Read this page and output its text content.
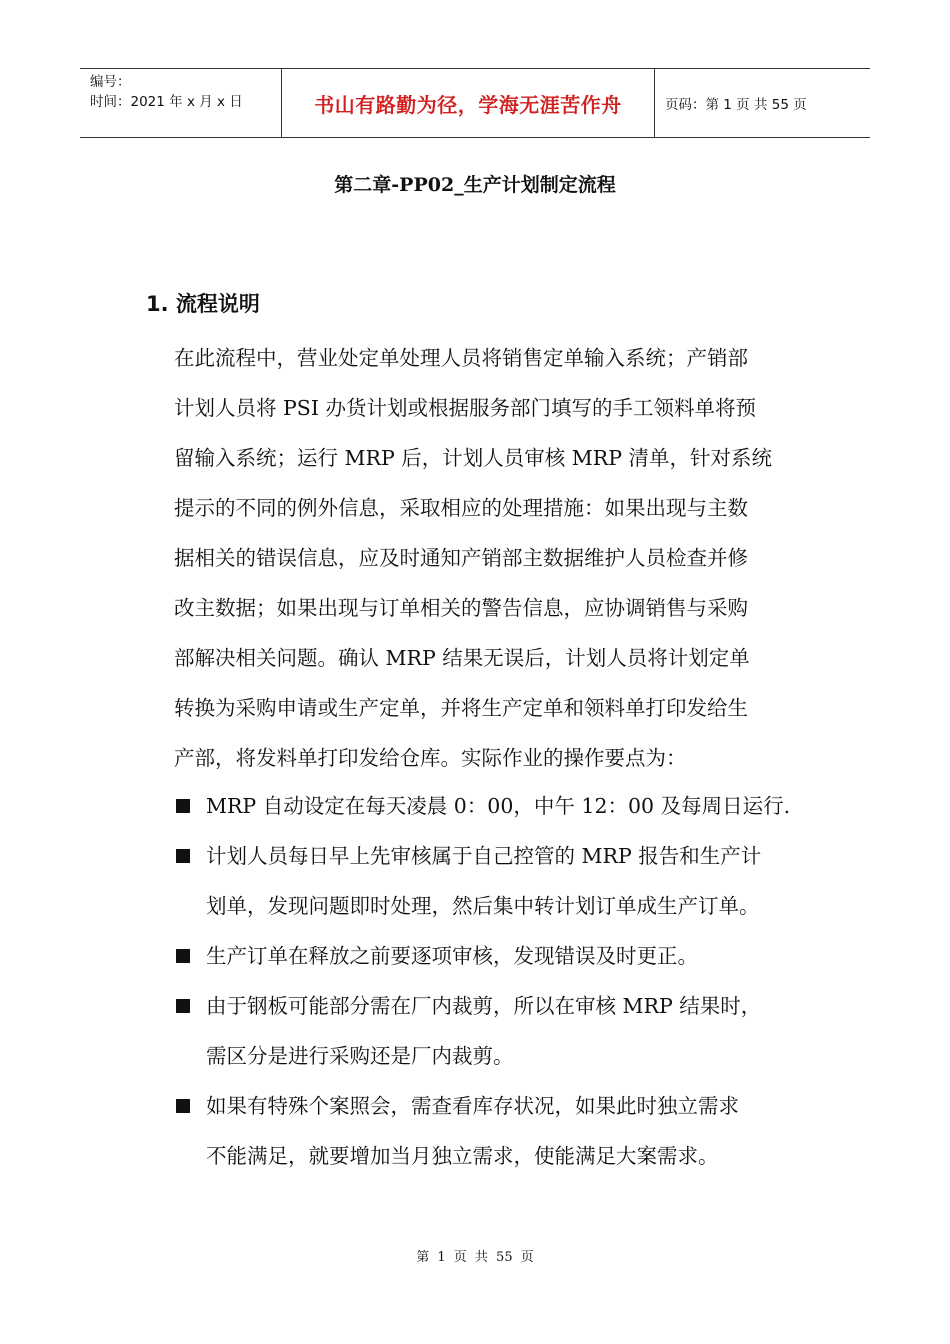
编号：
时间：2021 年 x 月 x 日	书山有路勤为径，学海无涯苦作舟	页码：第 1 页 共 55 页
第二章-PP02_生产计划制定流程
1. 流程说明
在此流程中，营业处定单处理人员将销售定单输入系统；产销部
计划人员将 PSI 办货计划或根据服务部门填写的手工领料单将预
留输入系统；运行 MRP 后，计划人员审核 MRP 清单，针对系统
提示的不同的例外信息，采取相应的处理措施：如果出现与主数
据相关的错误信息，应及时通知产销部主数据维护人员检查并修
改主数据；如果出现与订单相关的警告信息，应协调销售与采购
部解决相关问题。确认 MRP 结果无误后，计划人员将计划定单
转换为采购申请或生产定单，并将生产定单和领料单打印发给生
产部，将发料单打印发给仓库。实际作业的操作要点为：
MRP 自动设定在每天凌晨 0：00，中午 12：00 及每周日运行.
计划人员每日早上先审核属于自己控管的 MRP 报告和生产计
划单，发现问题即时处理，然后集中转计划订单成生产订单。
生产订单在释放之前要逐项审核，发现错误及时更正。
由于钢板可能部分需在厂内裁剪，所以在审核 MRP 结果时，
需区分是进行采购还是厂内裁剪。
如果有特殊个案照会，需查看库存状况，如果此时独立需求
不能满足，就要增加当月独立需求，使能满足大案需求。
第 1 页 共 55 页
